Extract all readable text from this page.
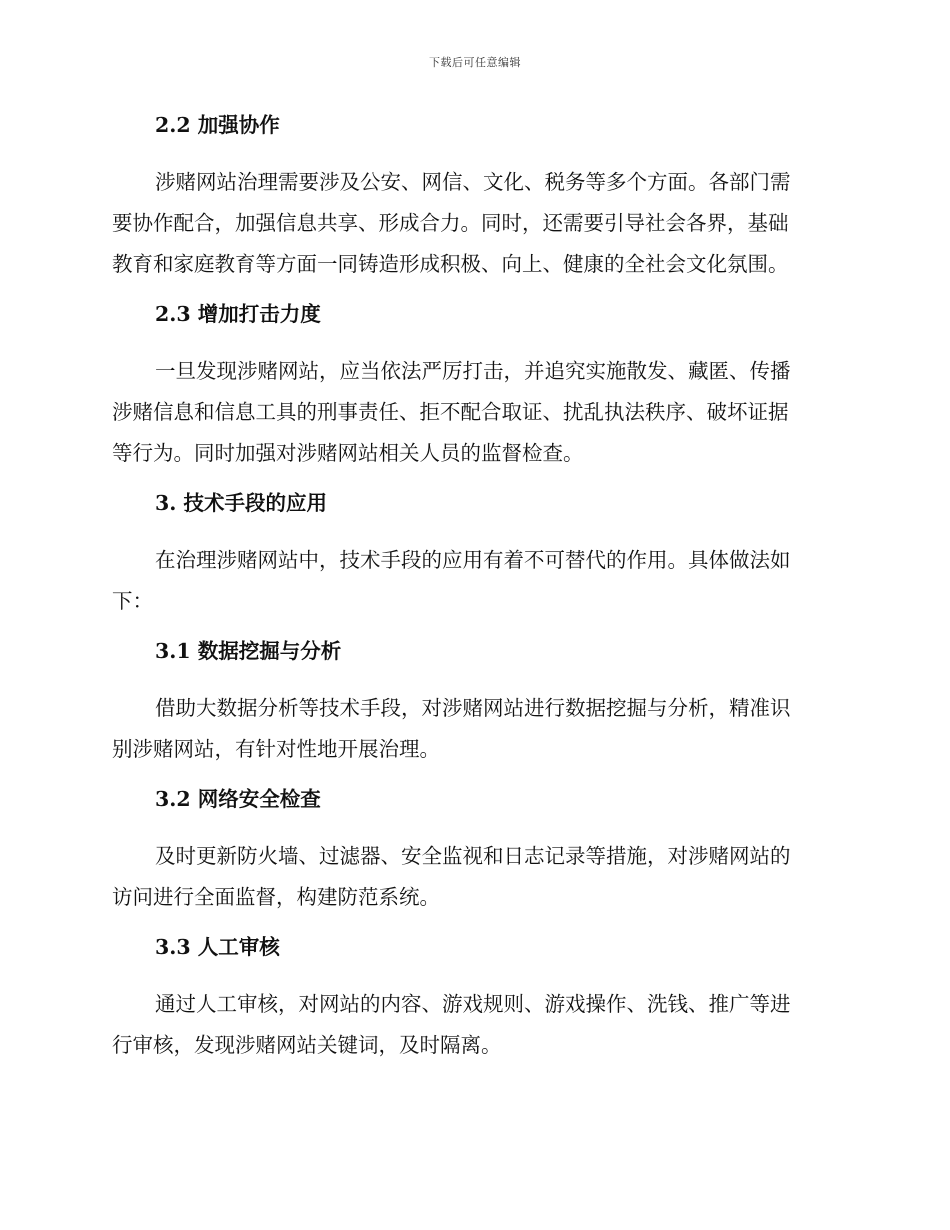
下载后可任意编辑
2.2 加强协作
涉赌网站治理需要涉及公安、网信、文化、税务等多个方面。各部门需
要协作配合，加强信息共享、形成合力。同时，还需要引导社会各界，基础
教育和家庭教育等方面一同铸造形成积极、向上、健康的全社会文化氛围。
2.3 增加打击力度
一旦发现涉赌网站，应当依法严厉打击，并追究实施散发、藏匿、传播
涉赌信息和信息工具的刑事责任、拒不配合取证、扰乱执法秩序、破坏证据
等行为。同时加强对涉赌网站相关人员的监督检查。
3. 技术手段的应用
在治理涉赌网站中，技术手段的应用有着不可替代的作用。具体做法如
下：
3.1 数据挖掘与分析
借助大数据分析等技术手段，对涉赌网站进行数据挖掘与分析，精准识
别涉赌网站，有针对性地开展治理。
3.2 网络安全检查
及时更新防火墙、过滤器、安全监视和日志记录等措施，对涉赌网站的
访问进行全面监督，构建防范系统。
3.3 人工审核
通过人工审核，对网站的内容、游戏规则、游戏操作、洗钱、推广等进
行审核，发现涉赌网站关键词，及时隔离。
